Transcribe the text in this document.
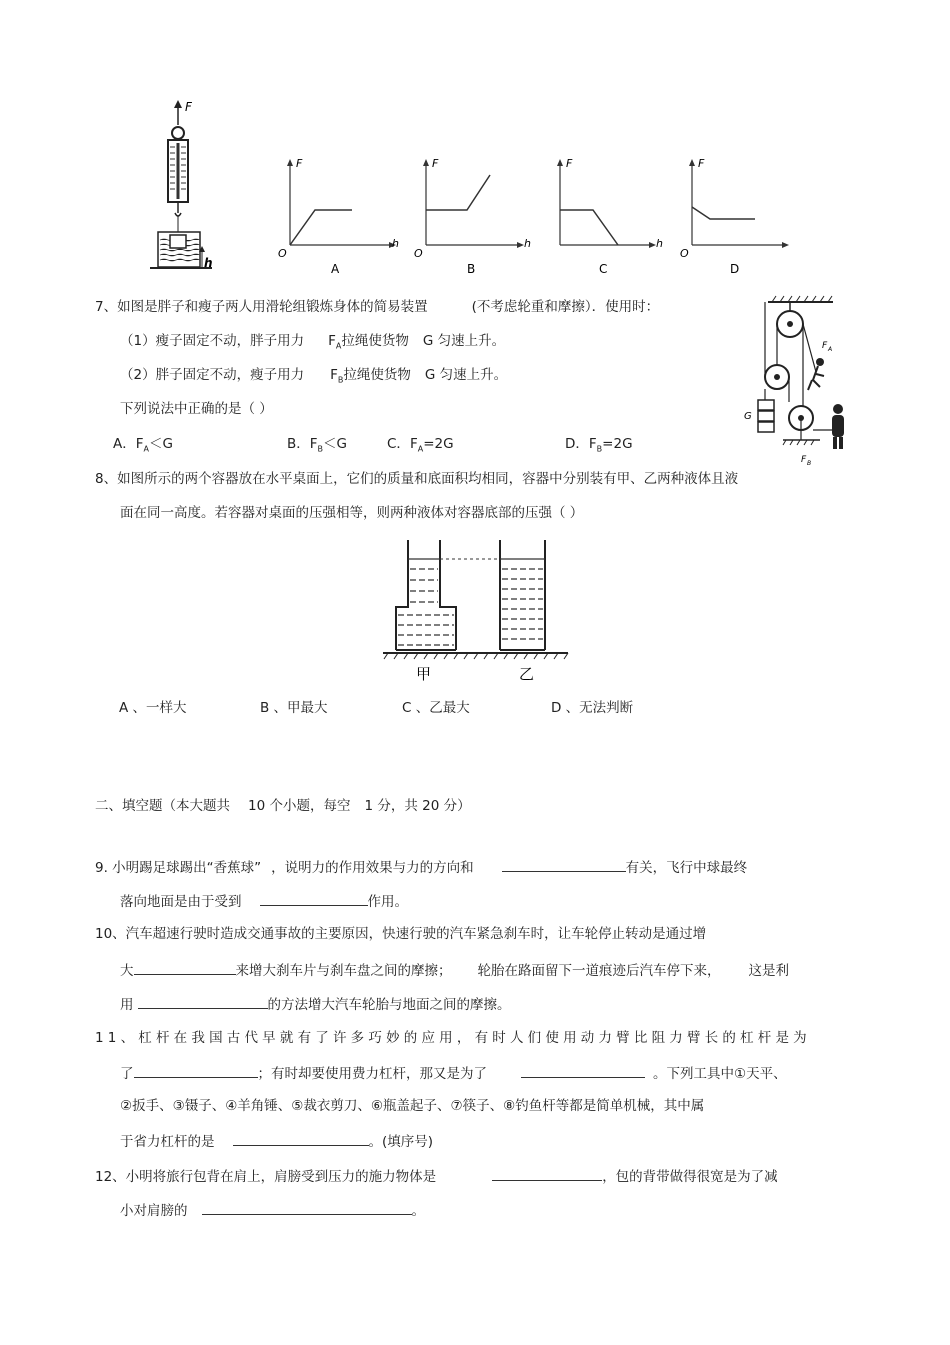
F
h
F
h
O
A
F
h
O
B
F
h
C
F
O
D
7、如图是胖子和瘦子两人用滑轮组锻炼身体的简易装置	(不考虑轮重和摩擦）．使用时：
（1）瘦子固定不动，胖子用力 $F_A$拉绳使货物 G 匀速上升。
（2）胖子固定不动，瘦子用力 $F_B$拉绳使货物 G 匀速上升。
下列说法中正确的是（ ）
A．$F_A<G$	B．$F_B<G$	C．$F_A=2G$	D．$F_B=2G$
G
F A
F B
8、如图所示的两个容器放在水平桌面上，它们的质量和底面积均相同，容器中分别装有甲、乙两种液体且液
面在同一高度。若容器对桌面的压强相等，则两种液体对容器底部的压强（ ）
甲	乙
A 、一样大	B 、甲最大	C 、乙最大	D 、无法判断
二、填空题（本大题共 10 个小题，每空 1 分，共 20 分）
9. 小明踢足球踢出“香蕉球” ，说明力的作用效果与力的方向和	有关，飞行中球最终
落向地面是由于受到	作用。
10、汽车超速行驶时造成交通事故的主要原因，快速行驶的汽车紧急刹车时，让车轮停止转动是通过增
大	来增大刹车片与刹车盘之间的摩擦； 轮胎在路面留下一道痕迹后汽车停下来， 这是利
用	的方法增大汽车轮胎与地面之间的摩擦。
11、杠杆在我国古代早就有了许多巧妙的应用，有时人们使用动力臂比阻力臂长的杠杆是为
了	；有时却要使用费力杠杆，那又是为了	。下列工具中①天平、
②扳手、③镊子、④羊角锤、⑤裁衣剪刀、⑥瓶盖起子、⑦筷子、⑧钓鱼杆等都是简单机械，其中属
于省力杠杆的是	。(填序号)
12、小明将旅行包背在肩上，肩膀受到压力的施力物体是	，包的背带做得很宽是为了减
小对肩膀的	。
